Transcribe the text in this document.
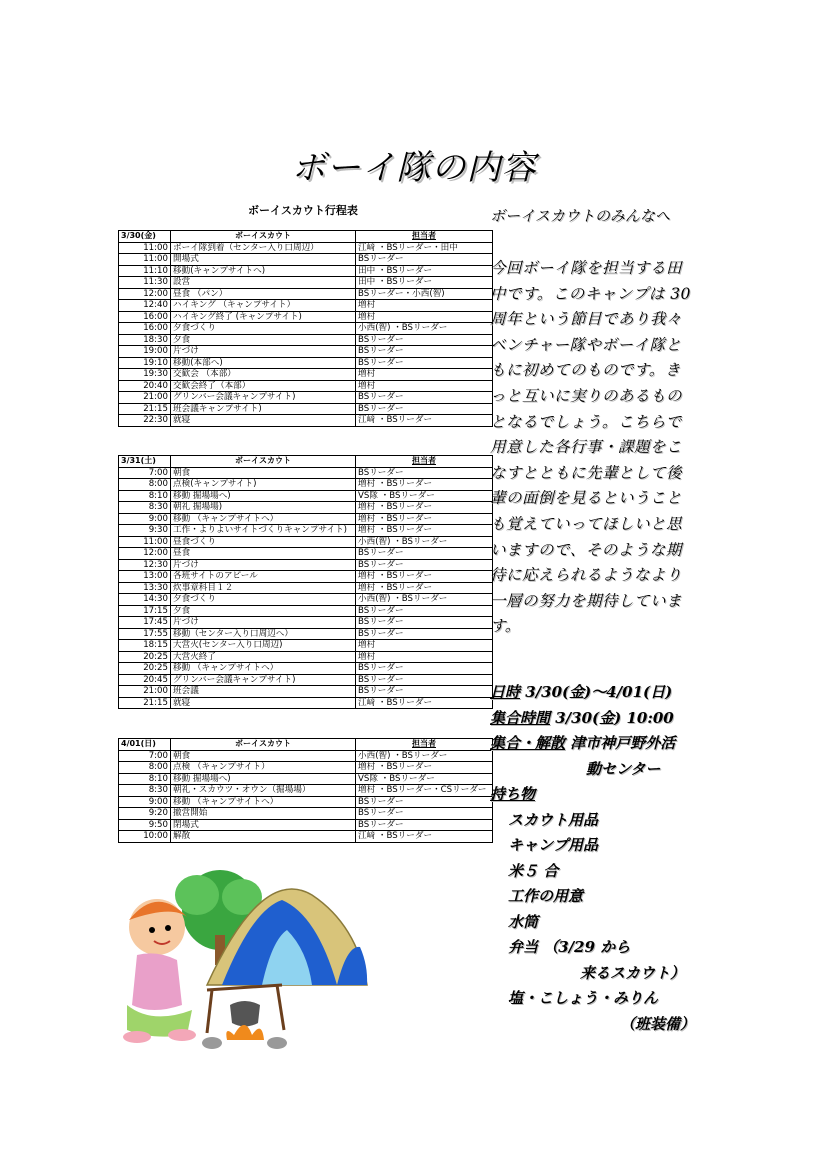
ボーイ隊の内容
ボーイスカウト行程表
3/30(金)	ボーイスカウト	担当者
11:00	ボーイ隊到着（センター入り口周辺）	江﨑 ・BSリーダー・田中
11:00	開場式	BSリーダー
11:10	移動(キャンプサイトへ)	田中 ・BSリーダー
11:30	設営	田中 ・BSリーダー
12:00	昼食 （パン）	BSリーダー・小西(智)
12:40	ハイキング （キャンプサイト）	増村
16:00	ハイキング終了 (キャンプサイト)	増村
16:00	夕食づくり	小西(智) ・BSリーダー
18:30	夕食	BSリーダー
19:00	片づけ	BSリーダー
19:10	移動(本部へ)	BSリーダー
19:30	交歓会 （本部）	増村
20:40	交歓会終了（本部）	増村
21:00	グリンバー会議キャンプサイト)	BSリーダー
21:15	班会議キャンプサイト)	BSリーダー
22:30	就寝	江﨑 ・BSリーダー
3/31(土)	ボーイスカウト	担当者
7:00	朝食	BSリーダー
8:00	点検(キャンプサイト)	増村 ・BSリーダー
8:10	移動 掘場場へ)	VS隊 ・BSリーダー
8:30	朝礼 掘場場)	増村 ・BSリーダー
9:00	移動 （キャンプサイトへ）	増村 ・BSリーダー
9:30	工作・よりよいサイトづくりキャンプサイト)	増村 ・BSリーダー
11:00	昼食づくり	小西(智) ・BSリーダー
12:00	昼食	BSリーダー
12:30	片づけ	BSリーダー
13:00	各班サイトのアピール	増村 ・BSリーダー
13:30	炊事章科目１２	増村 ・BSリーダー
14:30	夕食づくり	小西(智) ・BSリーダー
17:15	夕食	BSリーダー
17:45	片づけ	BSリーダー
17:55	移動（センター入り口周辺へ）	BSリーダー
18:15	大営火(センター入り口周辺)	増村
20:25	大営火終了	増村
20:25	移動 （キャンプサイトへ）	BSリーダー
20:45	グリンバー会議キャンプサイト)	BSリーダー
21:00	班会議	BSリーダー
21:15	就寝	江﨑 ・BSリーダー
4/01(日)	ボーイスカウト	担当者
7:00	朝食	小西(智) ・BSリーダー
8:00	点検 （キャンプサイト）	増村 ・BSリーダー
8:10	移動 掘場場へ)	VS隊 ・BSリーダー
8:30	朝礼・スカウツ・オウン（掘場場）	増村 ・BSリーダー・CSリーダー
9:00	移動 （キャンプサイトへ）	BSリーダー
9:20	撤営開始	BSリーダー
9:50	閉場式	BSリーダー
10:00	解散	江﨑 ・BSリーダー
ボーイスカウトのみんなへ
今回ボーイ隊を担当する田
中です。このキャンプは 30
周年という節目であり我々
ベンチャー隊やボーイ隊と
もに初めてのものです。き
っと互いに実りのあるもの
となるでしょう。こちらで
用意した各行事・課題をこ
なすとともに先輩として後
輩の面倒を見るということ
も覚えていってほしいと思
いますので、そのような期
待に応えられるようなより
一層の努力を期待していま
す。
日時 3/30(金)～4/01(日)
集合時間 3/30(金) 10:00
集合・解散 津市神戸野外活
動センター
持ち物
スカウト用品
キャンプ用品
米５ 合
工作の用意
水筒
弁当 （3/29 から
来るスカウト）
塩・こしょう・みりん
（班装備）
